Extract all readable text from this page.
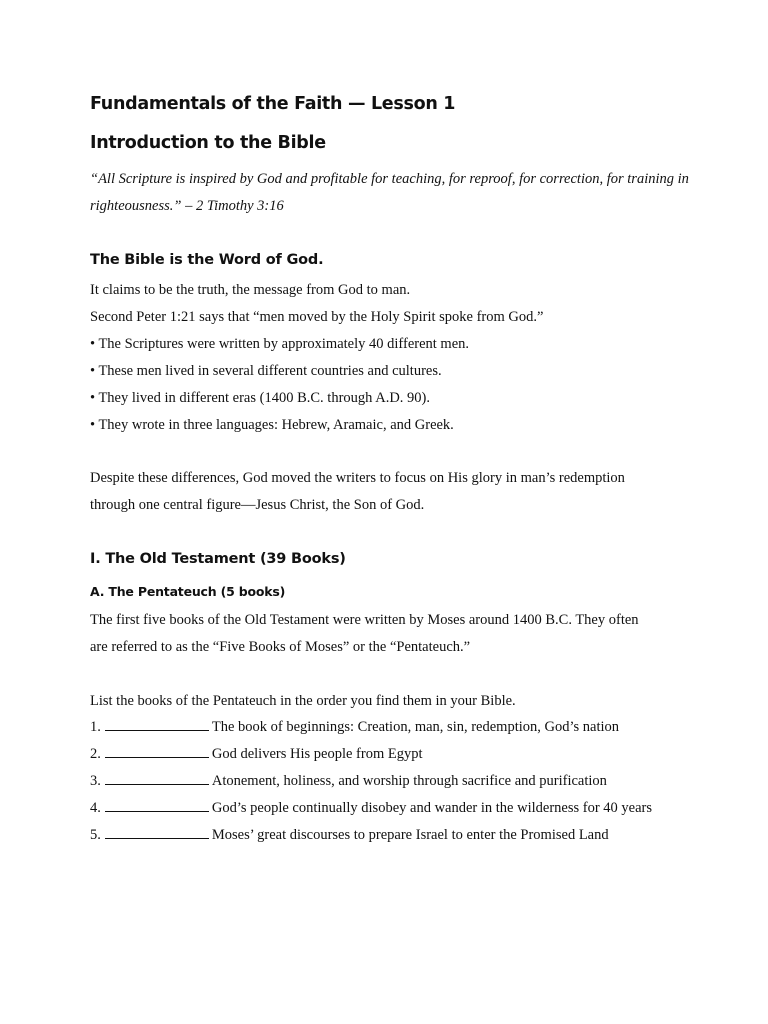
Fundamentals of the Faith — Lesson 1
Introduction to the Bible

“All Scripture is inspired by God and profitable for teaching, for reproof, for correction, for training in righteousness.” – 2 Timothy 3:16

The Bible is the Word of God.

It claims to be the truth, the message from God to man.

Second Peter 1:21 says that “men moved by the Holy Spirit spoke from God.”

• The Scriptures were written by approximately 40 different men.

• These men lived in several different countries and cultures.

• They lived in different eras (1400 B.C. through A.D. 90).

• They wrote in three languages: Hebrew, Aramaic, and Greek.

Despite these differences, God moved the writers to focus on His glory in man’s redemption

through one central figure—Jesus Christ, the Son of God.

I. The Old Testament (39 Books)
A. The Pentateuch (5 books)

The first five books of the Old Testament were written by Moses around 1400 B.C. They often

are referred to as the “Five Books of Moses” or the “Pentateuch.”

List the books of the Pentateuch in the order you find them in your Bible.

1.	The book of beginnings: Creation, man, sin, redemption, God’s nation
2.	God delivers His people from Egypt
3.	Atonement, holiness, and worship through sacrifice and purification
4.	God’s people continually disobey and wander in the wilderness for 40 years
5.	Moses’ great discourses to prepare Israel to enter the Promised Land
